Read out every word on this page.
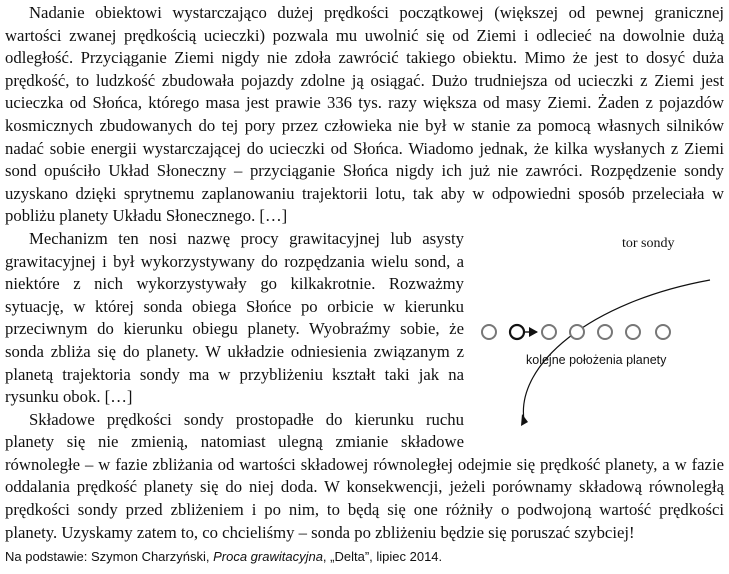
Nadanie obiektowi wystarczająco dużej prędkości początkowej (większej od pewnej granicznej wartości zwanej prędkością ucieczki) pozwala mu uwolnić się od Ziemi i odlecieć na dowolnie dużą odległość. Przyciąganie Ziemi nigdy nie zdoła zawrócić takiego obiektu. Mimo że jest to dosyć duża prędkość, to ludzkość zbudowała pojazdy zdolne ją osiągać. Dużo trudniejsza od ucieczki z Ziemi jest ucieczka od Słońca, którego masa jest prawie 336 tys. razy większa od masy Ziemi. Żaden z pojazdów kosmicznych zbudowanych do tej pory przez człowieka nie był w stanie za pomocą własnych silników nadać sobie energii wystarczającej do ucieczki od Słońca. Wiadomo jednak, że kilka wysłanych z Ziemi sond opuściło Układ Słoneczny – przyciąganie Słońca nigdy ich już nie zawróci. Rozpędzenie sondy uzyskano dzięki sprytnemu zaplanowaniu trajektorii lotu, tak aby w odpowiedni sposób przeleciała w pobliżu planety Układu Słonecznego. […]

tor sondy
kolejne położenia planety

Mechanizm ten nosi nazwę procy grawitacyjnej lub asysty grawitacyjnej i był wykorzystywany do rozpędzania wielu sond, a niektóre z nich wykorzystywały go kilkakrotnie. Rozważmy sytuację, w której sonda obiega Słońce po orbicie w kierunku przeciwnym do kierunku obiegu planety. Wyobraźmy sobie, że sonda zbliża się do planety. W układzie odniesienia związanym z planetą trajektoria sondy ma w przybliżeniu kształt taki jak na rysunku obok. […]

Składowe prędkości sondy prostopadłe do kierunku ruchu planety się nie zmienią, natomiast ulegną zmianie składowe równoległe – w fazie zbliżania od wartości składowej równoległej odejmie się prędkość planety, a w fazie oddalania prędkość planety się do niej doda. W konsekwencji, jeżeli porównamy składową równoległą prędkości sondy przed zbliżeniem i po nim, to będą się one różniły o podwojoną wartość prędkości planety. Uzyskamy zatem to, co chcieliśmy – sonda po zbliżeniu będzie się poruszać szybciej!

Na podstawie: Szymon Charzyński, Proca grawitacyjna, „Delta”, lipiec 2014.
